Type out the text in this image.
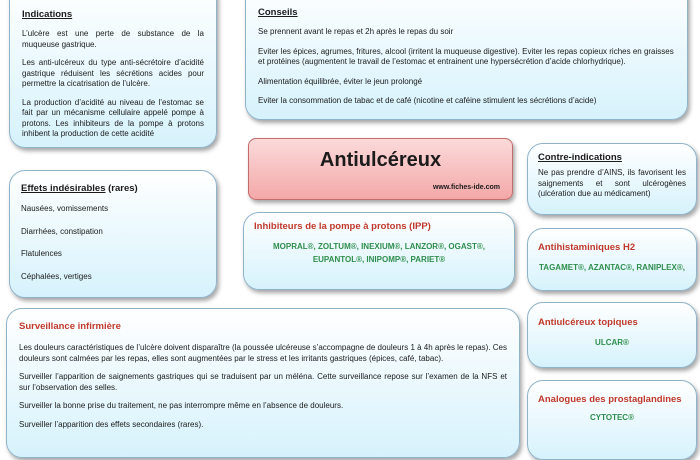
Indications

L’ulcère est une perte de substance de la muqueuse gastrique.

Les anti-ulcéreux du type anti-sécrétoire d’acidité gastrique réduisent les sécrétions acides pour permettre la cicatrisation de l’ulcère.

La production d’acidité au niveau de l’estomac se fait par un mécanisme cellulaire appelé pompe à protons. Les inhibiteurs de la pompe à protons inhibent la production de cette acidité

Conseils

Se prennent avant le repas et 2h après le repas du soir

Eviter les épices, agrumes, fritures, alcool (irritent la muqueuse digestive). Eviter les repas copieux riches en graisses et protéines (augmentent le travail de l’estomac et entrainent une hypersécrétion d’acide chlorhydrique).

Alimentation équilibrée, éviter le jeun prolongé

Eviter la consommation de tabac et de café (nicotine et caféine stimulent les sécrétions d’acide)

Antiulcéreux
www.fiches-ide.com
Effets indésirables (rares)

Nausées, vomissements

Diarrhées, constipation

Flatulences

Céphalées, vertiges

Inhibiteurs de la pompe à protons (IPP)

MOPRAL®, ZOLTUM®, INEXIUM®, LANZOR®, OGAST®,

EUPANTOL®, INIPOMP®, PARIET®

Contre-indications

Ne pas prendre d’AINS, ils favorisent les saignements et sont ulcérogènes (ulcération due au médicament)

Antihistaminiques H2

TAGAMET®, AZANTAC®, RANIPLEX®,

Antiulcéreux topiques

ULCAR®

Analogues des prostaglandines

CYTOTEC®

Surveillance infirmière

Les douleurs caractéristiques de l’ulcère doivent disparaître (la poussée ulcéreuse s’accompagne de douleurs 1 à 4h après le repas). Ces douleurs sont calmées par les repas, elles sont augmentées par le stress et les irritants gastriques (épices, café, tabac).

Surveiller l’apparition de saignements gastriques qui se traduisent par un méléna. Cette surveillance repose sur l’examen de la NFS et sur l’observation des selles.

Surveiller la bonne prise du traitement, ne pas interrompre même en l’absence de douleurs.

Surveiller l’apparition des effets secondaires (rares).
